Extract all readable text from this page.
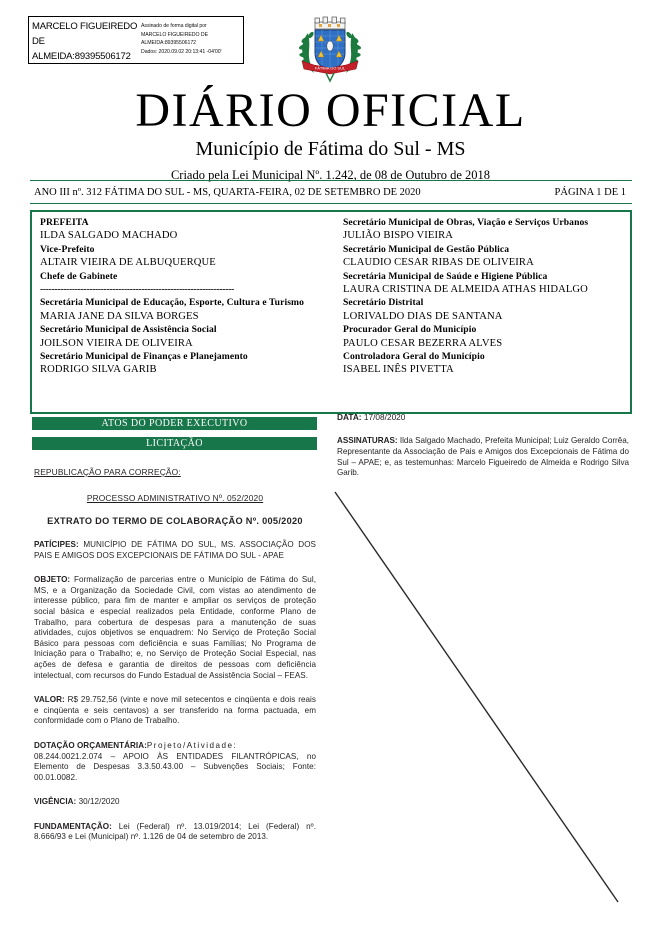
MARCELO FIGUEIREDO DE ALMEIDA:89395506172
Assinado de forma digital por
MARCELO FIGUEIREDO DE
ALMEIDA:89395506172
Dados: 2020.09.02 20:13:41 -04'00'
FÁTIMA DO SUL
DIÁRIO OFICIAL
Município de Fátima do Sul - MS
Criado pela Lei Municipal Nº. 1.242, de 08 de Outubro de 2018
ANO III nº. 312 FÁTIMA DO SUL - MS, QUARTA-FEIRA, 02 DE SETEMBRO DE 2020	PÁGINA 1 DE 1
PREFEITA
ILDA SALGADO MACHADO
Vice-Prefeito
ALTAIR VIEIRA DE ALBUQUERQUE
Chefe de Gabinete
-------------------------------------------------------------------
Secretária Municipal de Educação, Esporte, Cultura e Turismo
MARIA JANE DA SILVA BORGES
Secretário Municipal de Assistência Social
JOILSON VIEIRA DE OLIVEIRA
Secretário Municipal de Finanças e Planejamento
RODRIGO SILVA GARIB
Secretário Municipal de Obras, Viação e Serviços Urbanos
JULIÃO BISPO VIEIRA
Secretário Municipal de Gestão Pública
CLAUDIO CESAR RIBAS DE OLIVEIRA
Secretária Municipal de Saúde e Higiene Pública
LAURA CRISTINA DE ALMEIDA ATHAS HIDALGO
Secretário Distrital
LORIVALDO DIAS DE SANTANA
Procurador Geral do Município
PAULO CESAR BEZERRA ALVES
Controladora Geral do Município
ISABEL INÊS PIVETTA
ATOS DO PODER EXECUTIVO
LICITAÇÃO
REPUBLICAÇÃO PARA CORREÇÃO:
PROCESSO ADMINISTRATIVO Nº. 052/2020
EXTRATO DO TERMO DE COLABORAÇÃO Nº. 005/2020
PATÍCIPES: MUNICÍPIO DE FÁTIMA DO SUL, MS. ASSOCIAÇÃO DOS PAIS E AMIGOS DOS EXCEPCIONAIS DE FÁTIMA DO SUL - APAE
OBJETO: Formalização de parcerias entre o Município de Fátima do Sul, MS, e a Organização da Sociedade Civil, com vistas ao atendimento de interesse público, para fim de manter e ampliar os serviços de proteção social básica e especial realizados pela Entidade, conforme Plano de Trabalho, para cobertura de despesas para a manutenção de suas atividades, cujos objetivos se enquadrem: No Serviço de Proteção Social Básico para pessoas com deficiência e suas Famílias; No Programa de Iniciação para o Trabalho; e, no Serviço de Proteção Social Especial, nas ações de defesa e garantia de direitos de pessoas com deficiência intelectual, com recursos do Fundo Estadual de Assistência Social – FEAS.
VALOR: R$ 29.752,56 (vinte e nove mil setecentos e cinqüenta e dois reais e cinqüenta e seis centavos) a ser transferido na forma pactuada, em conformidade com o Plano de Trabalho.
DOTAÇÃO ORÇAMENTÁRIA:Projeto/Atividade:
08.244.0021.2.074 – APOIO ÀS ENTIDADES FILANTRÓPICAS, no Elemento de Despesas 3.3.50.43.00 – Subvenções Sociais; Fonte: 00.01.0082.
VIGÊNCIA: 30/12/2020
FUNDAMENTAÇÃO: Lei (Federal) nº. 13.019/2014; Lei (Federal) nº. 8.666/93 e Lei (Municipal) nº. 1.126 de 04 de setembro de 2013.
DATA: 17/08/2020
ASSINATURAS: Ilda Salgado Machado, Prefeita Municipal; Luiz Geraldo Corrêa, Representante da Associação de Pais e Amigos dos Excepcionais de Fátima do Sul – APAE; e, as testemunhas: Marcelo Figueiredo de Almeida e Rodrigo Silva Garib.
